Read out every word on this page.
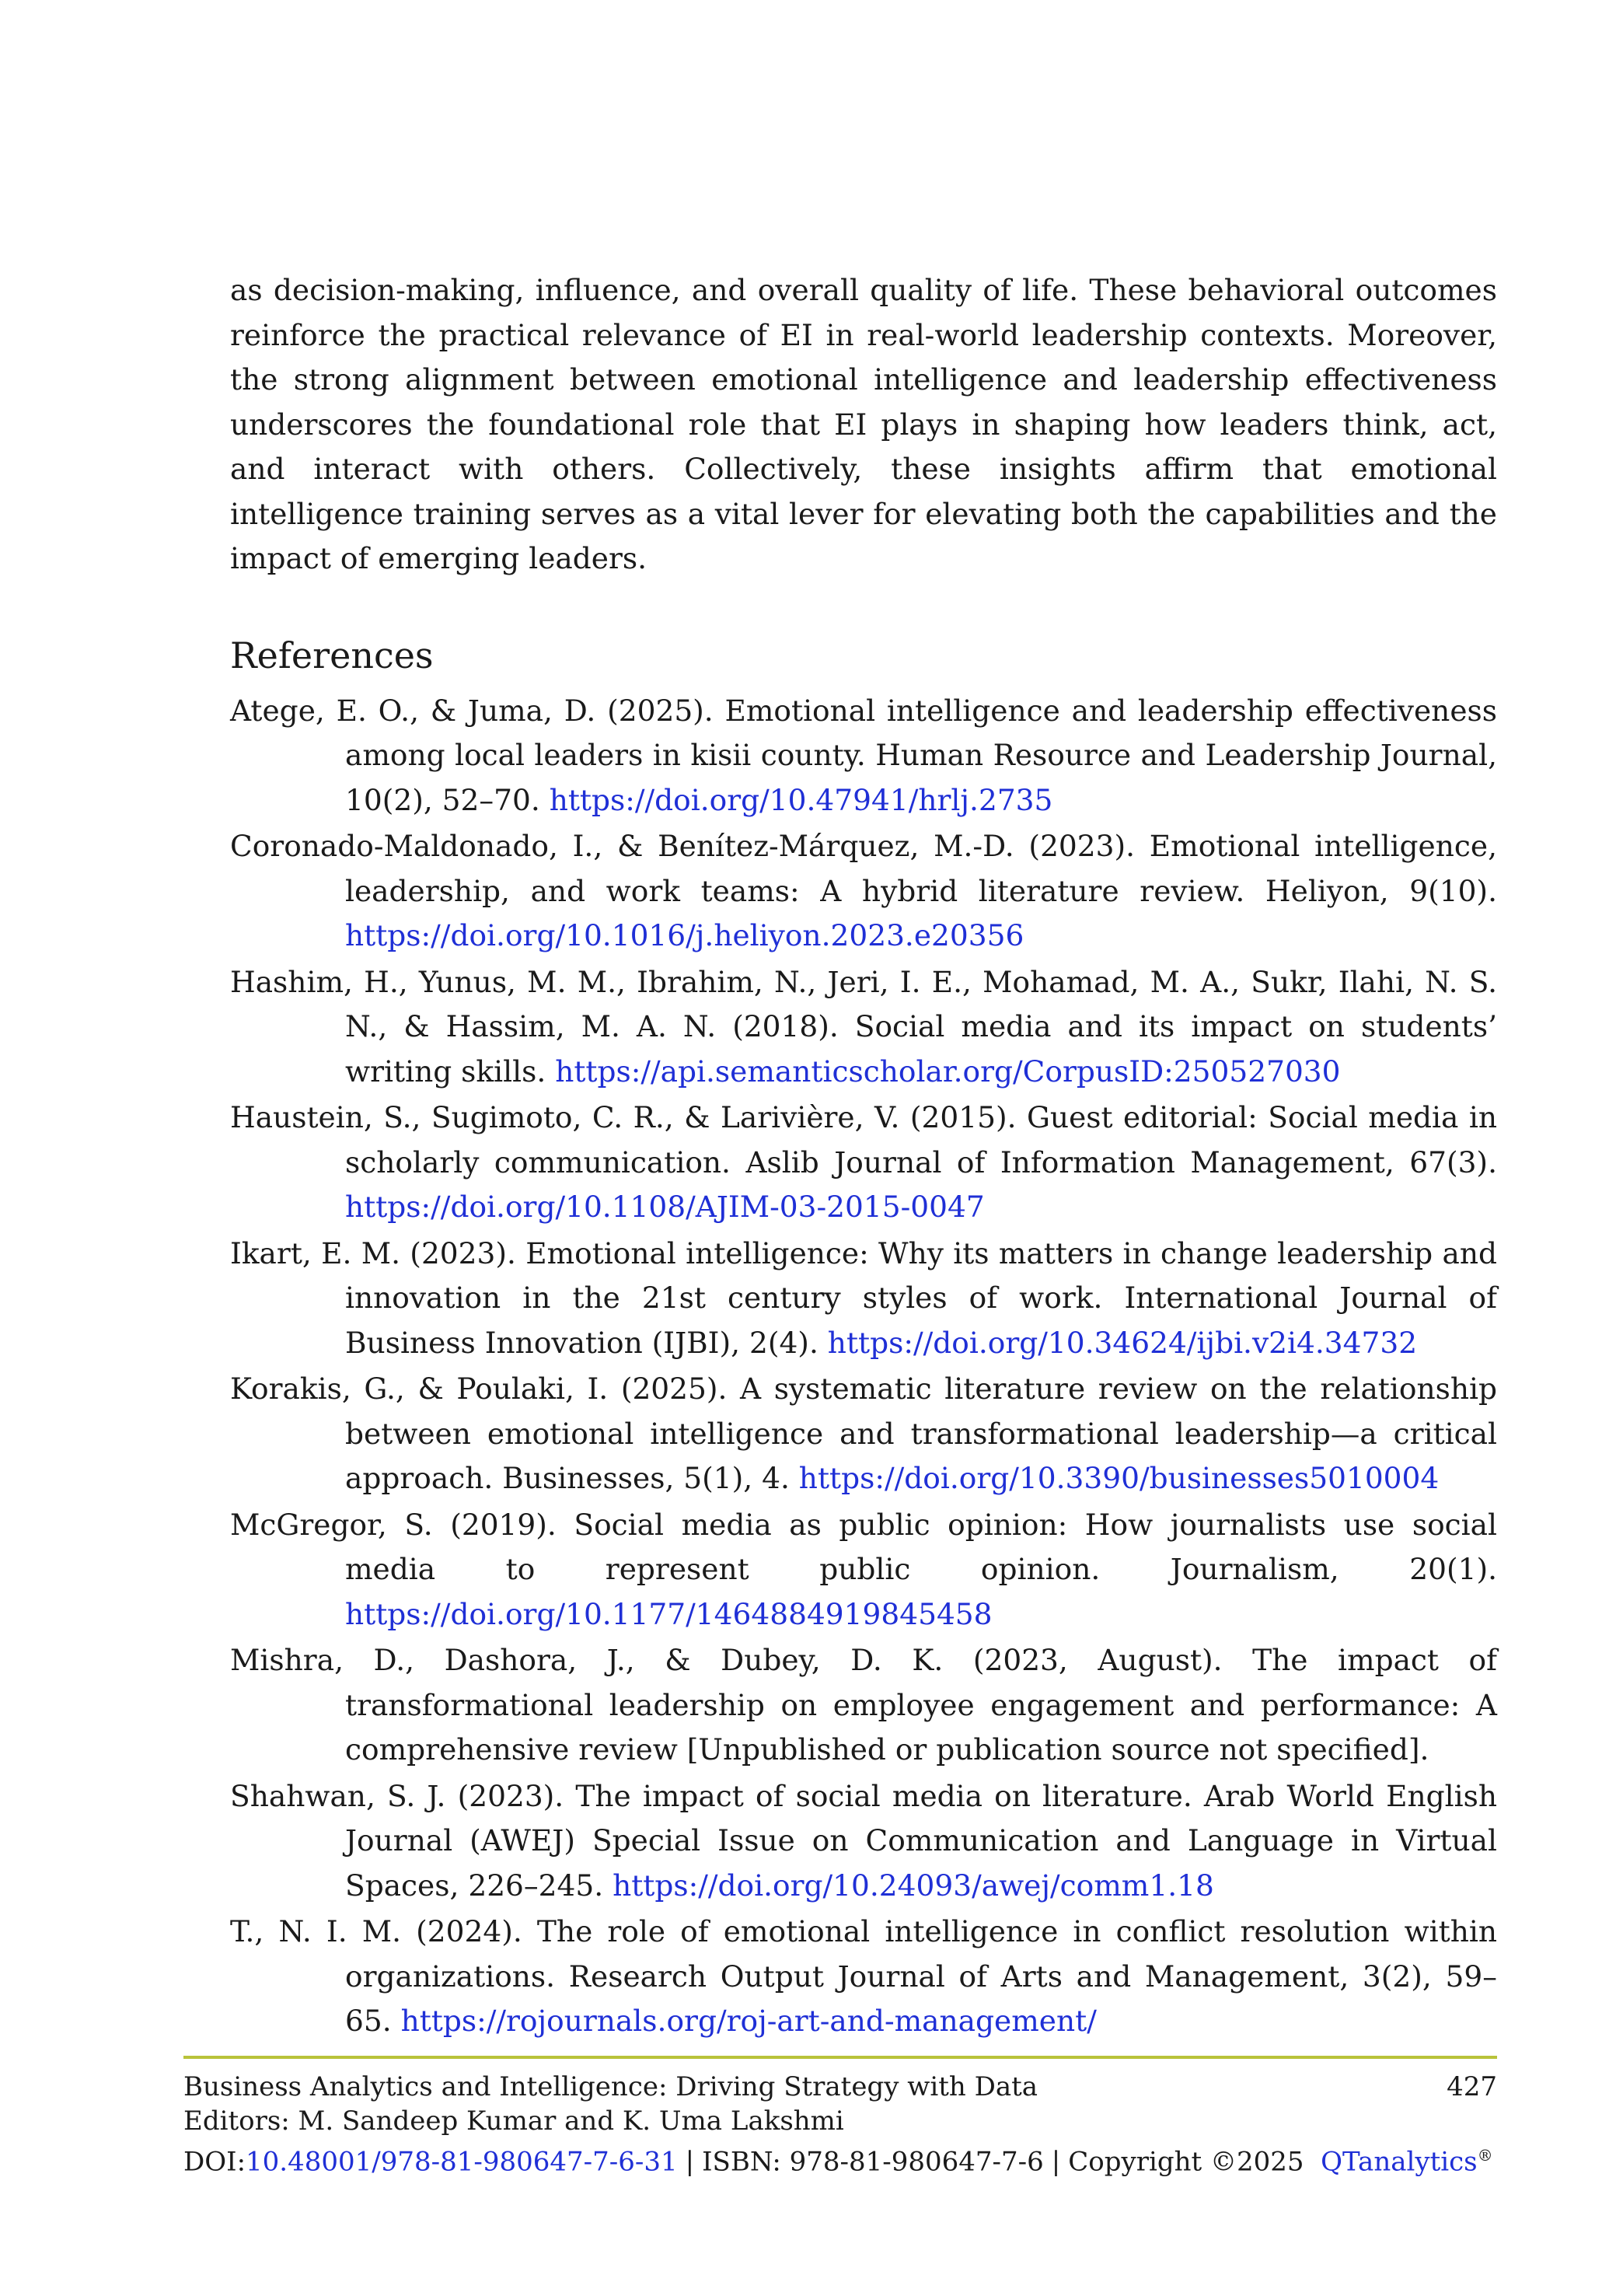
as decision-making, influence, and overall quality of life. These behavioral outcomes reinforce the practical relevance of EI in real-world leadership contexts. Moreover, the strong alignment between emotional intelligence and leadership effectiveness underscores the foundational role that EI plays in shaping how leaders think, act, and interact with others. Collectively, these insights affirm that emotional intelligence training serves as a vital lever for elevating both the capabilities and the impact of emerging leaders.

References
Atege, E. O., & Juma, D. (2025). Emotional intelligence and leadership effectiveness among local leaders in kisii county. Human Resource and Leadership Journal, 10(2), 52–70. https://doi.org/10.47941/hrlj.2735
Coronado-Maldonado, I., & Benítez-Márquez, M.-D. (2023). Emotional intelligence, leadership, and work teams: A hybrid literature review. Heliyon, 9(10). https://doi.org/10.1016/j.heliyon.2023.e20356
Hashim, H., Yunus, M. M., Ibrahim, N., Jeri, I. E., Mohamad, M. A., Sukr, Ilahi, N. S. N., & Hassim, M. A. N. (2018). Social media and its impact on students’ writing skills. https://api.semanticscholar.org/CorpusID:250527030
Haustein, S., Sugimoto, C. R., & Larivière, V. (2015). Guest editorial: Social media in scholarly communication. Aslib Journal of Information Management, 67(3). https://doi.org/10.1108/AJIM-03-2015-0047
Ikart, E. M. (2023). Emotional intelligence: Why its matters in change leadership and innovation in the 21st century styles of work. International Journal of Business Innovation (IJBI), 2(4). https://doi.org/10.34624/ijbi.v2i4.34732
Korakis, G., & Poulaki, I. (2025). A systematic literature review on the relationship between emotional intelligence and transformational leadership—a critical approach. Businesses, 5(1), 4. https://doi.org/10.3390/businesses5010004
McGregor, S. (2019). Social media as public opinion: How journalists use social media to represent public opinion. Journalism, 20(1). https://doi.org/10.1177/1464884919845458
Mishra, D., Dashora, J., & Dubey, D. K. (2023, August). The impact of transformational leadership on employee engagement and performance: A comprehensive review [Unpublished or publication source not specified].
Shahwan, S. J. (2023). The impact of social media on literature. Arab World English Journal (AWEJ) Special Issue on Communication and Language in Virtual Spaces, 226–245. https://doi.org/10.24093/awej/comm1.18
T., N. I. M. (2024). The role of emotional intelligence in conflict resolution within organizations. Research Output Journal of Arts and Management, 3(2), 59–65. https://rojournals.org/roj-art-and-management/
Business Analytics and Intelligence: Driving Strategy with Data	427
Editors: M. Sandeep Kumar and K. Uma Lakshmi
DOI:10.48001/978-81-980647-7-6-31 | ISBN: 978-81-980647-7-6 | Copyright ©2025 QTanalytics®
